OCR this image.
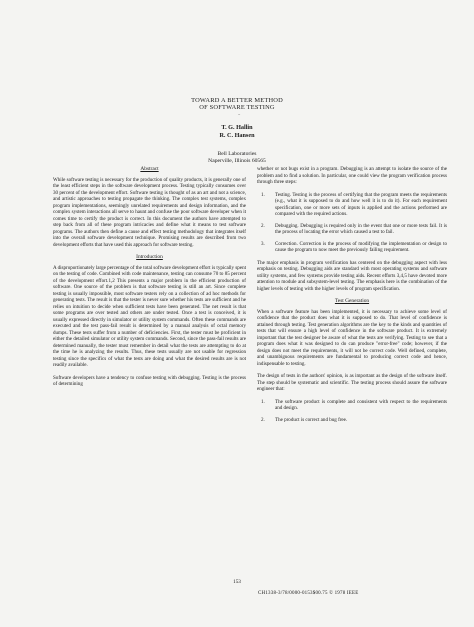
TOWARD A BETTER METHOD
OF SOFTWARE TESTING
~
T. G. Hallin
R. C. Hansen
Bell Laboratories
Naperville, Illinois 60565
Abstract

While software testing is necessary for the production of quality products, it is generally one of the least efficient steps in the software development process. Testing typically consumes over 30 percent of the development effort. Software testing is thought of as an art and not a science, and artistic approaches to testing propagate the thinking. The complex test systems, complex program implementations, seemingly unrelated requirements and design information, and the complex system interactions all serve to haunt and confuse the poor software developer when it comes time to certify the product is correct. In this document the authors have attempted to step back from all of these program intricacies and define what it means to test software programs. The authors then define a cause and effect testing methodology that integrates itself into the overall software development technique. Promising results are described from two development efforts that have used this approach for software testing.

Introduction

A disproportionately large percentage of the total software development effort is typically spent on the testing of code. Combined with code maintenance, testing can consume 70 to 85 percent of the development effort.1,2 This presents a major problem in the efficient production of software. One source of the problem is that software testing is still an art. Since complete testing is usually impossible, most software testers rely on a collection of ad hoc methods for generating tests. The result is that the tester is never sure whether his tests are sufficient and he relies on intuition to decide when sufficient tests have been generated. The net result is that some programs are over tested and others are under tested. Once a test is conceived, it is usually expressed directly in simulator or utility system commands. Often these commands are executed and the test pass-fail result is determined by a manual analysis of octal memory dumps. These tests suffer from a number of deficiencies. First, the tester must be proficient in either the detailed simulator or utility system commands. Second, since the pass-fail results are determined manually, the tester must remember in detail what the tests are attempting to do at the time he is analyzing the results. Thus, these tests usually are not usable for regression testing since the specifics of what the tests are doing and what the desired results are is not readily available.

Software developers have a tendency to confuse testing with debugging. Testing is the process of determining

whether or not bugs exist in a program. Debugging is an attempt to isolate the source of the problem and to find a solution. In particular, one could view the program verification process through three steps:

1.	Testing. Testing is the process of certifying that the program meets the requirements (e.g., what it is supposed to do and how well it is to do it). For each requirement specification, one or more sets of inputs is applied and the actions performed are compared with the required actions.
2.	Debugging. Debugging is required only in the event that one or more tests fail. It is the process of locating the error which caused a test to fail.
3.	Correction. Correction is the process of modifying the implementation or design to cause the program to now meet the previously failing requirement.

The major emphasis in program verification has centered on the debugging aspect with less emphasis on testing. Debugging aids are standard with most operating systems and software utility systems, and few systems provide testing aids. Recent efforts 3,4,5 have devoted more attention to module and subsystem-level testing. The emphasis here is the combination of the higher levels of testing with the higher levels of program specification.

Test Generation

When a software feature has been implemented, it is necessary to achieve some level of confidence that the product does what it is supposed to do. That level of confidence is attained through testing. Test generation algorithms are the key to the kinds and quantities of tests that will ensure a high level of confidence in the software product. It is extremely important that the test designer be aware of what the tests are verifying. Testing to see that a program does what it was designed to do can produce "error-free" code; however, if the design does not meet the requirements, it will not be correct code. Well defined, complete, and unambiguous requirements are fundamental to producing correct code and hence, indispensable to testing.

The design of tests in the authors' opinion, is as important as the design of the software itself. The step should be systematic and scientific. The testing process should assure the software engineer that:

1.	The software product is complete and consistent with respect to the requirements and design.
2.	The product is correct and bug free.
153
CH1338-3/78/0000-0153$00.75 © 1978 IEEE
